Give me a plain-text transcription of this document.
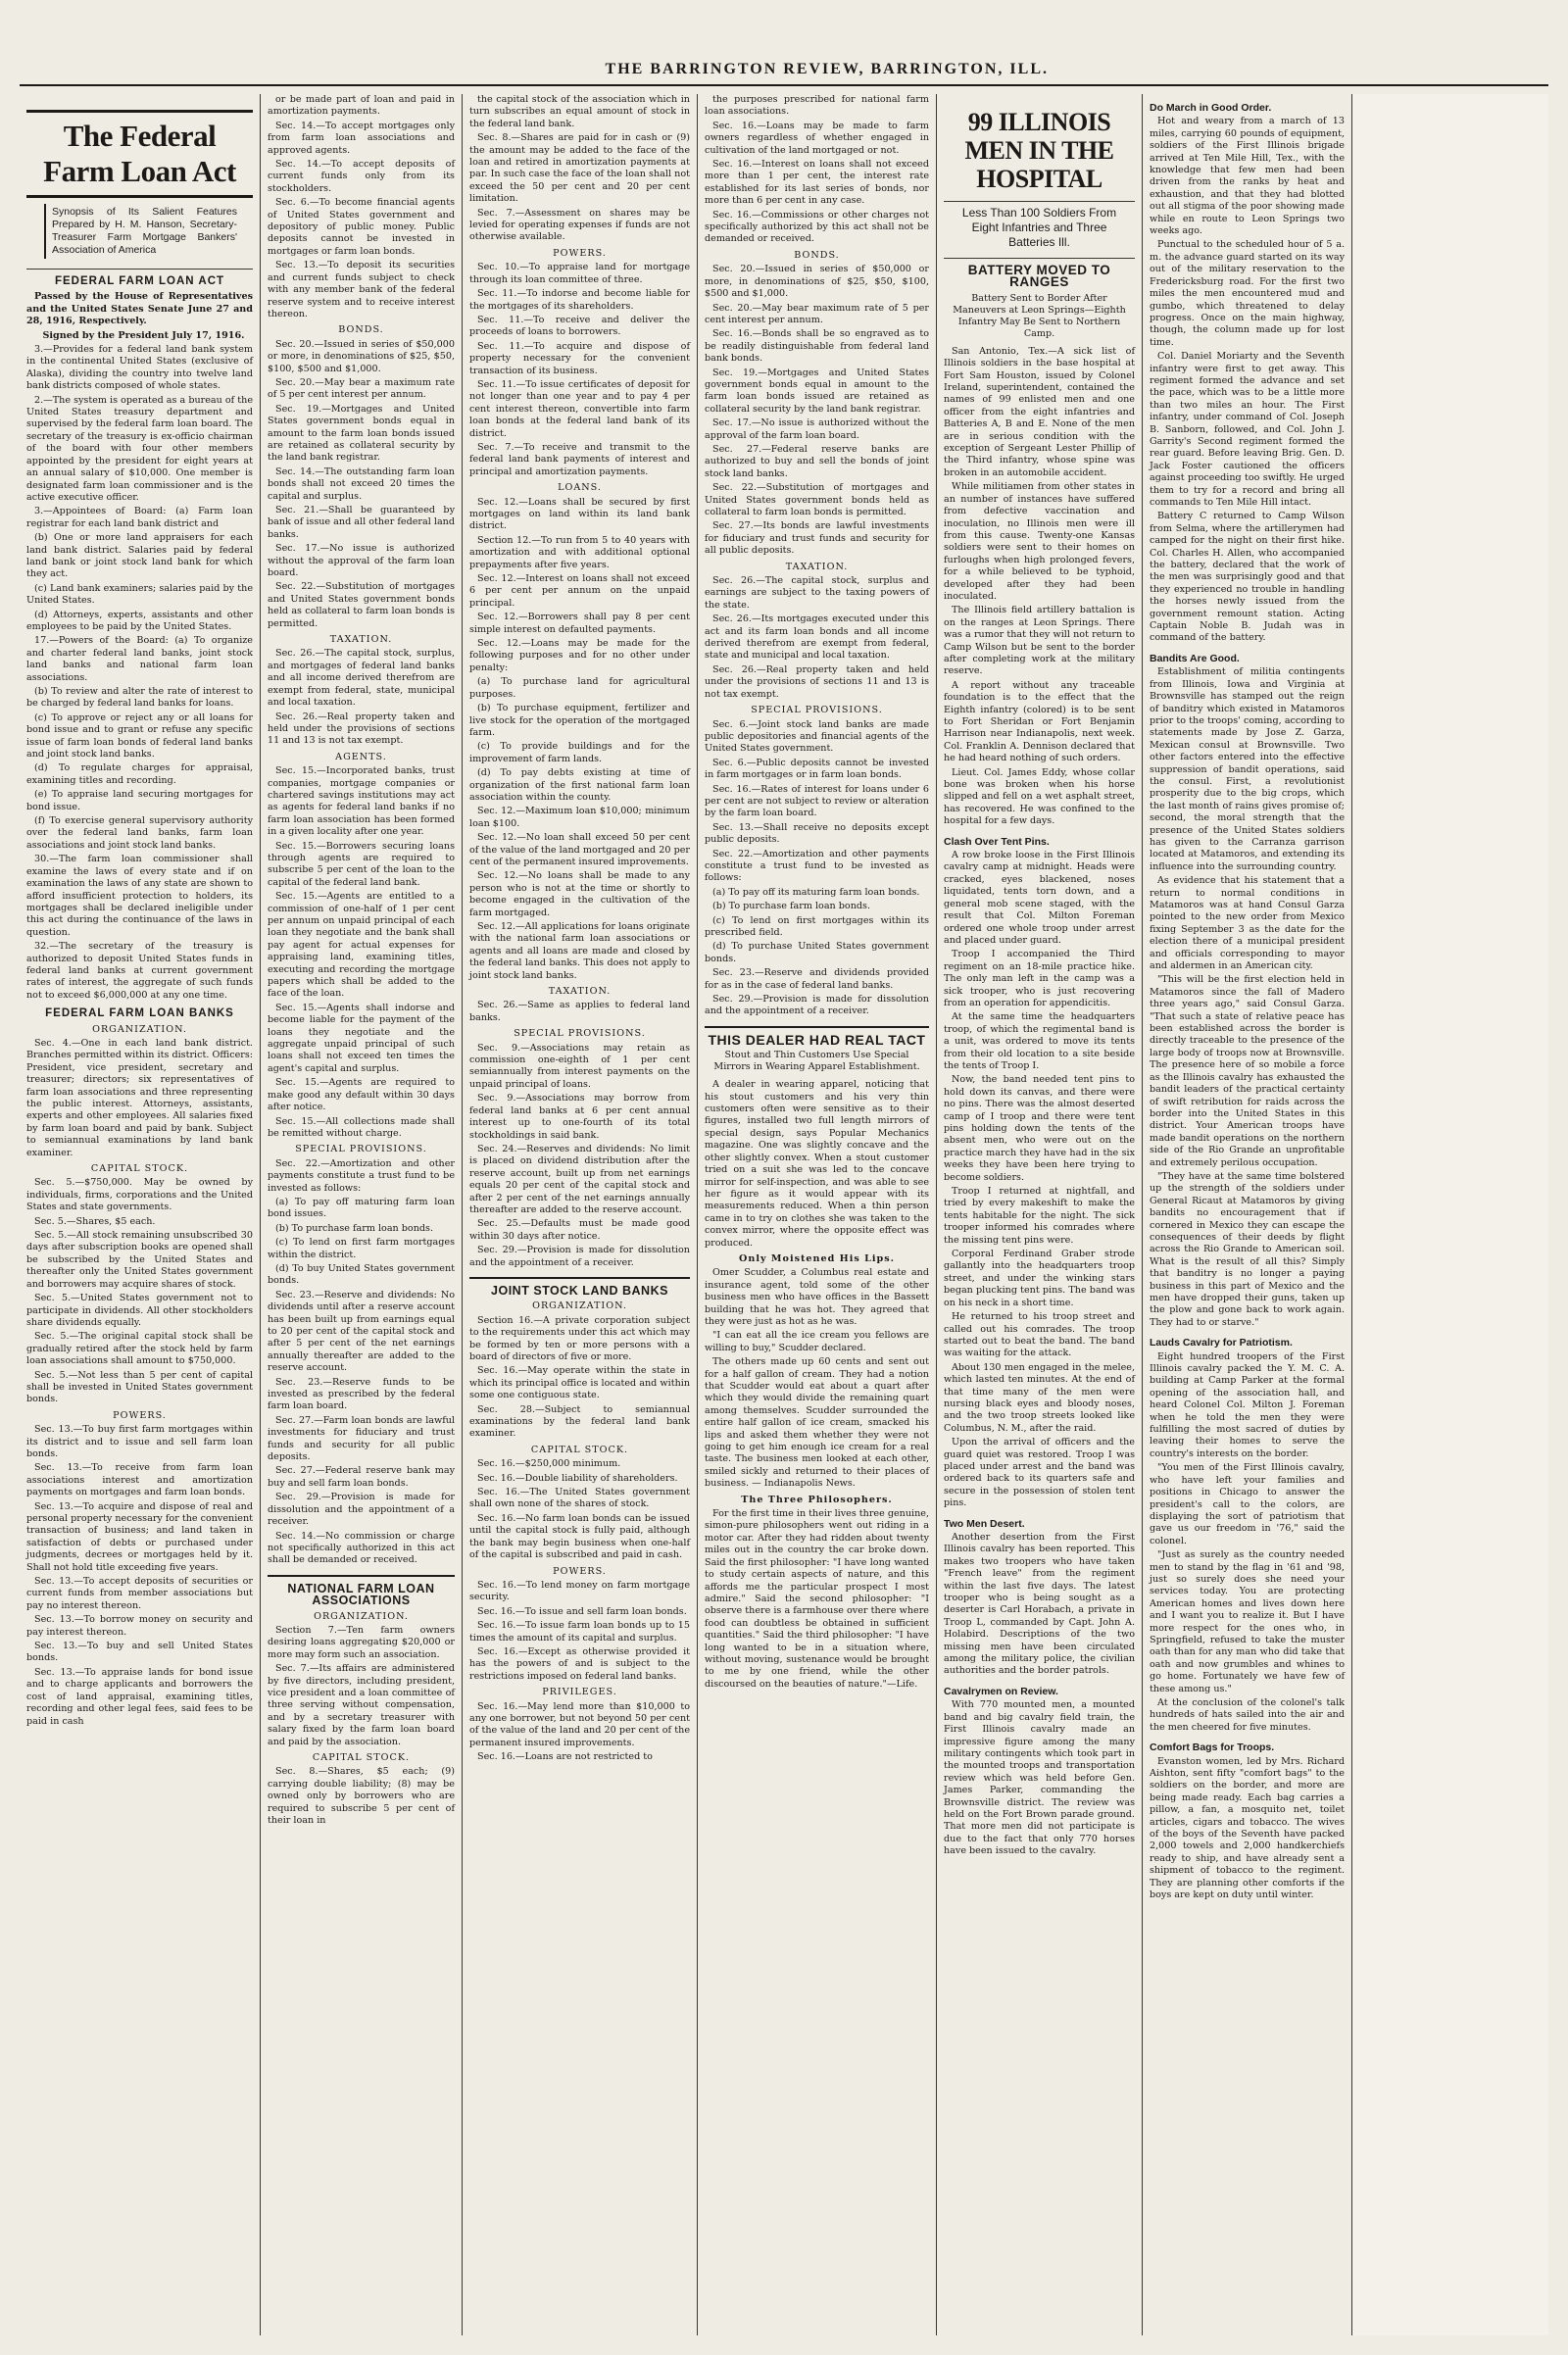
THE BARRINGTON REVIEW, BARRINGTON, ILL.
The Federal Farm Loan Act
Synopsis of Its Salient Features Prepared by H. M. Hanson, Secretary-Treasurer Farm Mortgage Bankers' Association of America
FEDERAL FARM LOAN ACT

Passed by the House of Representatives and the United States Senate June 27 and 28, 1916, Respectively.

Signed by the President July 17, 1916.

3.—Provides for a federal land bank system in the continental United States (exclusive of Alaska), dividing the country into twelve land bank districts composed of whole states.

2.—The system is operated as a bureau of the United States treasury department and supervised by the federal farm loan board. The secretary of the treasury is ex-officio chairman of the board with four other members appointed by the president for eight years at an annual salary of $10,000. One member is designated farm loan commissioner and is the active executive officer.

3.—Appointees of Board: (a) Farm loan registrar for each land bank district and

(b) One or more land appraisers for each land bank district. Salaries paid by federal land bank or joint stock land bank for which they act.

(c) Land bank examiners; salaries paid by the United States.

(d) Attorneys, experts, assistants and other employees to be paid by the United States.

17.—Powers of the Board: (a) To organize and charter federal land banks, joint stock land banks and national farm loan associations.

(b) To review and alter the rate of interest to be charged by federal land banks for loans.

(c) To approve or reject any or all loans for bond issue and to grant or refuse any specific issue of farm loan bonds of federal land banks and joint stock land banks.

(d) To regulate charges for appraisal, examining titles and recording.

(e) To appraise land securing mortgages for bond issue.

(f) To exercise general supervisory authority over the federal land banks, farm loan associations and joint stock land banks.

30.—The farm loan commissioner shall examine the laws of every state and if on examination the laws of any state are shown to afford insufficient protection to holders, its mortgages shall be declared ineligible under this act during the continuance of the laws in question.

32.—The secretary of the treasury is authorized to deposit United States funds in federal land banks at current government rates of interest, the aggregate of such funds not to exceed $6,000,000 at any one time.

FEDERAL FARM LOAN BANKS
ORGANIZATION.

Sec. 4.—One in each land bank district. Branches permitted within its district. Officers: President, vice president, secretary and treasurer; directors; six representatives of farm loan associations and three representing the public interest. Attorneys, assistants, experts and other employees. All salaries fixed by farm loan board and paid by bank. Subject to semiannual examinations by land bank examiner.

CAPITAL STOCK.

Sec. 5.—$750,000. May be owned by individuals, firms, corporations and the United States and state governments.

Sec. 5.—Shares, $5 each.

Sec. 5.—All stock remaining unsubscribed 30 days after subscription books are opened shall be subscribed by the United States and thereafter only the United States government and borrowers may acquire shares of stock.

Sec. 5.—United States government not to participate in dividends. All other stockholders share dividends equally.

Sec. 5.—The original capital stock shall be gradually retired after the stock held by farm loan associations shall amount to $750,000.

Sec. 5.—Not less than 5 per cent of capital shall be invested in United States government bonds.

POWERS.

Sec. 13.—To buy first farm mortgages within its district and to issue and sell farm loan bonds.

Sec. 13.—To receive from farm loan associations interest and amortization payments on mortgages and farm loan bonds.

Sec. 13.—To acquire and dispose of real and personal property necessary for the convenient transaction of business; and land taken in satisfaction of debts or purchased under judgments, decrees or mortgages held by it. Shall not hold title exceeding five years.

Sec. 13.—To accept deposits of securities or current funds from member associations but pay no interest thereon.

Sec. 13.—To borrow money on security and pay interest thereon.

Sec. 13.—To buy and sell United States bonds.

Sec. 13.—To appraise lands for bond issue and to charge applicants and borrowers the cost of land appraisal, examining titles, recording and other legal fees, said fees to be paid in cash

or be made part of loan and paid in amortization payments.

Sec. 14.—To accept mortgages only from farm loan associations and approved agents.

Sec. 14.—To accept deposits of current funds only from its stockholders.

Sec. 6.—To become financial agents of United States government and depository of public money. Public deposits cannot be invested in mortgages or farm loan bonds.

Sec. 13.—To deposit its securities and current funds subject to check with any member bank of the federal reserve system and to receive interest thereon.

BONDS.

Sec. 20.—Issued in series of $50,000 or more, in denominations of $25, $50, $100, $500 and $1,000.

Sec. 20.—May bear a maximum rate of 5 per cent interest per annum.

Sec. 19.—Mortgages and United States government bonds equal in amount to the farm loan bonds issued are retained as collateral security by the land bank registrar.

Sec. 14.—The outstanding farm loan bonds shall not exceed 20 times the capital and surplus.

Sec. 21.—Shall be guaranteed by bank of issue and all other federal land banks.

Sec. 17.—No issue is authorized without the approval of the farm loan board.

Sec. 22.—Substitution of mortgages and United States government bonds held as collateral to farm loan bonds is permitted.

TAXATION.

Sec. 26.—The capital stock, surplus, and mortgages of federal land banks and all income derived therefrom are exempt from federal, state, municipal and local taxation.

Sec. 26.—Real property taken and held under the provisions of sections 11 and 13 is not tax exempt.

AGENTS.

Sec. 15.—Incorporated banks, trust companies, mortgage companies or chartered savings institutions may act as agents for federal land banks if no farm loan association has been formed in a given locality after one year.

Sec. 15.—Borrowers securing loans through agents are required to subscribe 5 per cent of the loan to the capital of the federal land bank.

Sec. 15.—Agents are entitled to a commission of one-half of 1 per cent per annum on unpaid principal of each loan they negotiate and the bank shall pay agent for actual expenses for appraising land, examining titles, executing and recording the mortgage papers which shall be added to the face of the loan.

Sec. 15.—Agents shall indorse and become liable for the payment of the loans they negotiate and the aggregate unpaid principal of such loans shall not exceed ten times the agent's capital and surplus.

Sec. 15.—Agents are required to make good any default within 30 days after notice.

Sec. 15.—All collections made shall be remitted without charge.

SPECIAL PROVISIONS.

Sec. 22.—Amortization and other payments constitute a trust fund to be invested as follows:

(a) To pay off maturing farm loan bond issues.

(b) To purchase farm loan bonds.

(c) To lend on first farm mortgages within the district.

(d) To buy United States government bonds.

Sec. 23.—Reserve and dividends: No dividends until after a reserve account has been built up from earnings equal to 20 per cent of the capital stock and after 5 per cent of the net earnings annually thereafter are added to the reserve account.

Sec. 23.—Reserve funds to be invested as prescribed by the federal farm loan board.

Sec. 27.—Farm loan bonds are lawful investments for fiduciary and trust funds and security for all public deposits.

Sec. 27.—Federal reserve bank may buy and sell farm loan bonds.

Sec. 29.—Provision is made for dissolution and the appointment of a receiver.

Sec. 14.—No commission or charge not specifically authorized in this act shall be demanded or received.

NATIONAL FARM LOAN ASSOCIATIONS
ORGANIZATION.

Section 7.—Ten farm owners desiring loans aggregating $20,000 or more may form such an association.

Sec. 7.—Its affairs are administered by five directors, including president, vice president and a loan committee of three serving without compensation, and by a secretary treasurer with salary fixed by the farm loan board and paid by the association.

CAPITAL STOCK.

Sec. 8.—Shares, $5 each; (9) carrying double liability; (8) may be owned only by borrowers who are required to subscribe 5 per cent of their loan in

the capital stock of the association which in turn subscribes an equal amount of stock in the federal land bank.

Sec. 8.—Shares are paid for in cash or (9) the amount may be added to the face of the loan and retired in amortization payments at par. In such case the face of the loan shall not exceed the 50 per cent and 20 per cent limitation.

Sec. 7.—Assessment on shares may be levied for operating expenses if funds are not otherwise available.

POWERS.

Sec. 10.—To appraise land for mortgage through its loan committee of three.

Sec. 11.—To indorse and become liable for the mortgages of its shareholders.

Sec. 11.—To receive and deliver the proceeds of loans to borrowers.

Sec. 11.—To acquire and dispose of property necessary for the convenient transaction of its business.

Sec. 11.—To issue certificates of deposit for not longer than one year and to pay 4 per cent interest thereon, convertible into farm loan bonds at the federal land bank of its district.

Sec. 7.—To receive and transmit to the federal land bank payments of interest and principal and amortization payments.

LOANS.

Sec. 12.—Loans shall be secured by first mortgages on land within its land bank district.

Section 12.—To run from 5 to 40 years with amortization and with additional optional prepayments after five years.

Sec. 12.—Interest on loans shall not exceed 6 per cent per annum on the unpaid principal.

Sec. 12.—Borrowers shall pay 8 per cent simple interest on defaulted payments.

Sec. 12.—Loans may be made for the following purposes and for no other under penalty:

(a) To purchase land for agricultural purposes.

(b) To purchase equipment, fertilizer and live stock for the operation of the mortgaged farm.

(c) To provide buildings and for the improvement of farm lands.

(d) To pay debts existing at time of organization of the first national farm loan association within the county.

Sec. 12.—Maximum loan $10,000; minimum loan $100.

Sec. 12.—No loan shall exceed 50 per cent of the value of the land mortgaged and 20 per cent of the permanent insured improvements.

Sec. 12.—No loans shall be made to any person who is not at the time or shortly to become engaged in the cultivation of the farm mortgaged.

Sec. 12.—All applications for loans originate with the national farm loan associations or agents and all loans are made and closed by the federal land banks. This does not apply to joint stock land banks.

TAXATION.

Sec. 26.—Same as applies to federal land banks.

SPECIAL PROVISIONS.

Sec. 9.—Associations may retain as commission one-eighth of 1 per cent semiannually from interest payments on the unpaid principal of loans.

Sec. 9.—Associations may borrow from federal land banks at 6 per cent annual interest up to one-fourth of its total stockholdings in said bank.

Sec. 24.—Reserves and dividends: No limit is placed on dividend distribution after the reserve account, built up from net earnings equals 20 per cent of the capital stock and after 2 per cent of the net earnings annually thereafter are added to the reserve account.

Sec. 25.—Defaults must be made good within 30 days after notice.

Sec. 29.—Provision is made for dissolution and the appointment of a receiver.

JOINT STOCK LAND BANKS
ORGANIZATION.

Section 16.—A private corporation subject to the requirements under this act which may be formed by ten or more persons with a board of directors of five or more.

Sec. 16.—May operate within the state in which its principal office is located and within some one contiguous state.

Sec. 28.—Subject to semiannual examinations by the federal land bank examiner.

CAPITAL STOCK.

Sec. 16.—$250,000 minimum.

Sec. 16.—Double liability of shareholders.

Sec. 16.—The United States government shall own none of the shares of stock.

Sec. 16.—No farm loan bonds can be issued until the capital stock is fully paid, although the bank may begin business when one-half of the capital is subscribed and paid in cash.

POWERS.

Sec. 16.—To lend money on farm mortgage security.

Sec. 16.—To issue and sell farm loan bonds.

Sec. 16.—To issue farm loan bonds up to 15 times the amount of its capital and surplus.

Sec. 16.—Except as otherwise provided it has the powers of and is subject to the restrictions imposed on federal land banks.

PRIVILEGES.

Sec. 16.—May lend more than $10,000 to any one borrower, but not beyond 50 per cent of the value of the land and 20 per cent of the permanent insured improvements.

Sec. 16.—Loans are not restricted to

the purposes prescribed for national farm loan associations.

Sec. 16.—Loans may be made to farm owners regardless of whether engaged in cultivation of the land mortgaged or not.

Sec. 16.—Interest on loans shall not exceed more than 1 per cent, the interest rate established for its last series of bonds, nor more than 6 per cent in any case.

Sec. 16.—Commissions or other charges not specifically authorized by this act shall not be demanded or received.

BONDS.

Sec. 20.—Issued in series of $50,000 or more, in denominations of $25, $50, $100, $500 and $1,000.

Sec. 20.—May bear maximum rate of 5 per cent interest per annum.

Sec. 16.—Bonds shall be so engraved as to be readily distinguishable from federal land bank bonds.

Sec. 19.—Mortgages and United States government bonds equal in amount to the farm loan bonds issued are retained as collateral security by the land bank registrar.

Sec. 17.—No issue is authorized without the approval of the farm loan board.

Sec. 27.—Federal reserve banks are authorized to buy and sell the bonds of joint stock land banks.

Sec. 22.—Substitution of mortgages and United States government bonds held as collateral to farm loan bonds is permitted.

Sec. 27.—Its bonds are lawful investments for fiduciary and trust funds and security for all public deposits.

TAXATION.

Sec. 26.—The capital stock, surplus and earnings are subject to the taxing powers of the state.

Sec. 26.—Its mortgages executed under this act and its farm loan bonds and all income derived therefrom are exempt from federal, state and municipal and local taxation.

Sec. 26.—Real property taken and held under the provisions of sections 11 and 13 is not tax exempt.

SPECIAL PROVISIONS.

Sec. 6.—Joint stock land banks are made public depositories and financial agents of the United States government.

Sec. 6.—Public deposits cannot be invested in farm mortgages or in farm loan bonds.

Sec. 16.—Rates of interest for loans under 6 per cent are not subject to review or alteration by the farm loan board.

Sec. 13.—Shall receive no deposits except public deposits.

Sec. 22.—Amortization and other payments constitute a trust fund to be invested as follows:

(a) To pay off its maturing farm loan bonds.

(b) To purchase farm loan bonds.

(c) To lend on first mortgages within its prescribed field.

(d) To purchase United States government bonds.

Sec. 23.—Reserve and dividends provided for as in the case of federal land banks.

Sec. 29.—Provision is made for dissolution and the appointment of a receiver.

THIS DEALER HAD REAL TACT
Stout and Thin Customers Use Special Mirrors in Wearing Apparel Establishment.

A dealer in wearing apparel, noticing that his stout customers and his very thin customers often were sensitive as to their figures, installed two full length mirrors of special design, says Popular Mechanics magazine. One was slightly concave and the other slightly convex. When a stout customer tried on a suit she was led to the concave mirror for self-inspection, and was able to see her figure as it would appear with its measurements reduced. When a thin person came in to try on clothes she was taken to the convex mirror, where the opposite effect was produced.

Only Moistened His Lips.

Omer Scudder, a Columbus real estate and insurance agent, told some of the other business men who have offices in the Bassett building that he was hot. They agreed that they were just as hot as he was.

"I can eat all the ice cream you fellows are willing to buy," Scudder declared.

The others made up 60 cents and sent out for a half gallon of cream. They had a notion that Scudder would eat about a quart after which they would divide the remaining quart among themselves. Scudder surrounded the entire half gallon of ice cream, smacked his lips and asked them whether they were not going to get him enough ice cream for a real taste. The business men looked at each other, smiled sickly and returned to their places of business. — Indianapolis News.

The Three Philosophers.

For the first time in their lives three genuine, simon-pure philosophers went out riding in a motor car. After they had ridden about twenty miles out in the country the car broke down. Said the first philosopher: "I have long wanted to study certain aspects of nature, and this affords me the particular prospect I most admire." Said the second philosopher: "I observe there is a farmhouse over there where food can doubtless be obtained in sufficient quantities." Said the third philosopher: "I have long wanted to be in a situation where, without moving, sustenance would be brought to me by one friend, while the other discoursed on the beauties of nature."—Life.

99 ILLINOIS MEN IN THE HOSPITAL
Less Than 100 Soldiers From Eight Infantries and Three Batteries Ill.
BATTERY MOVED TO RANGES
Battery Sent to Border After Maneuvers at Leon Springs—Eighth Infantry May Be Sent to Northern Camp.

San Antonio, Tex.—A sick list of Illinois soldiers in the base hospital at Fort Sam Houston, issued by Colonel Ireland, superintendent, contained the names of 99 enlisted men and one officer from the eight infantries and Batteries A, B and E. None of the men are in serious condition with the exception of Sergeant Lester Phillip of the Third infantry, whose spine was broken in an automobile accident.

While militiamen from other states in an number of instances have suffered from defective vaccination and inoculation, no Illinois men were ill from this cause. Twenty-one Kansas soldiers were sent to their homes on furloughs when high prolonged fevers, for a while believed to be typhoid, developed after they had been inoculated.

The Illinois field artillery battalion is on the ranges at Leon Springs. There was a rumor that they will not return to Camp Wilson but be sent to the border after completing work at the military reserve.

A report without any traceable foundation is to the effect that the Eighth infantry (colored) is to be sent to Fort Sheridan or Fort Benjamin Harrison near Indianapolis, next week. Col. Franklin A. Dennison declared that he had heard nothing of such orders.

Lieut. Col. James Eddy, whose collar bone was broken when his horse slipped and fell on a wet asphalt street, has recovered. He was confined to the hospital for a few days.

Clash Over Tent Pins.

A row broke loose in the First Illinois cavalry camp at midnight. Heads were cracked, eyes blackened, noses liquidated, tents torn down, and a general mob scene staged, with the result that Col. Milton Foreman ordered one whole troop under arrest and placed under guard.

Troop I accompanied the Third regiment on an 18-mile practice hike. The only man left in the camp was a sick trooper, who is just recovering from an operation for appendicitis.

At the same time the headquarters troop, of which the regimental band is a unit, was ordered to move its tents from their old location to a site beside the tents of Troop I.

Now, the band needed tent pins to hold down its canvas, and there were no pins. There was the almost deserted camp of I troop and there were tent pins holding down the tents of the absent men, who were out on the practice march they have had in the six weeks they have been here trying to become soldiers.

Troop I returned at nightfall, and tried by every makeshift to make the tents habitable for the night. The sick trooper informed his comrades where the missing tent pins were.

Corporal Ferdinand Graber strode gallantly into the headquarters troop street, and under the winking stars began plucking tent pins. The band was on his neck in a short time.

He returned to his troop street and called out his comrades. The troop started out to beat the band. The band was waiting for the attack.

About 130 men engaged in the melee, which lasted ten minutes. At the end of that time many of the men were nursing black eyes and bloody noses, and the two troop streets looked like Columbus, N. M., after the raid.

Upon the arrival of officers and the guard quiet was restored. Troop I was placed under arrest and the band was ordered back to its quarters safe and secure in the possession of stolen tent pins.

Two Men Desert.

Another desertion from the First Illinois cavalry has been reported. This makes two troopers who have taken "French leave" from the regiment within the last five days. The latest trooper who is being sought as a deserter is Carl Horabach, a private in Troop L, commanded by Capt. John A. Holabird. Descriptions of the two missing men have been circulated among the military police, the civilian authorities and the border patrols.

Cavalrymen on Review.

With 770 mounted men, a mounted band and big cavalry field train, the First Illinois cavalry made an impressive figure among the many military contingents which took part in the mounted troops and transportation review which was held before Gen. James Parker, commanding the Brownsville district. The review was held on the Fort Brown parade ground. That more men did not participate is due to the fact that only 770 horses have been issued to the cavalry.

Do March in Good Order.

Hot and weary from a march of 13 miles, carrying 60 pounds of equipment, soldiers of the First Illinois brigade arrived at Ten Mile Hill, Tex., with the knowledge that few men had been driven from the ranks by heat and exhaustion, and that they had blotted out all stigma of the poor showing made while en route to Leon Springs two weeks ago.

Punctual to the scheduled hour of 5 a. m. the advance guard started on its way out of the military reservation to the Fredericksburg road. For the first two miles the men encountered mud and gumbo, which threatened to delay progress. Once on the main highway, though, the column made up for lost time.

Col. Daniel Moriarty and the Seventh infantry were first to get away. This regiment formed the advance and set the pace, which was to be a little more than two miles an hour. The First infantry, under command of Col. Joseph B. Sanborn, followed, and Col. John J. Garrity's Second regiment formed the rear guard. Before leaving Brig. Gen. D. Jack Foster cautioned the officers against proceeding too swiftly. He urged them to try for a record and bring all commands to Ten Mile Hill intact.

Battery C returned to Camp Wilson from Selma, where the artillerymen had camped for the night on their first hike. Col. Charles H. Allen, who accompanied the battery, declared that the work of the men was surprisingly good and that they experienced no trouble in handling the horses newly issued from the government remount station. Acting Captain Noble B. Judah was in command of the battery.

Bandits Are Good.

Establishment of militia contingents from Illinois, Iowa and Virginia at Brownsville has stamped out the reign of banditry which existed in Matamoros prior to the troops' coming, according to statements made by Jose Z. Garza, Mexican consul at Brownsville. Two other factors entered into the effective suppression of bandit operations, said the consul. First, a revolutionist prosperity due to the big crops, which the last month of rains gives promise of; second, the moral strength that the presence of the United States soldiers has given to the Carranza garrison located at Matamoros, and extending its influence into the surrounding country.

As evidence that his statement that a return to normal conditions in Matamoros was at hand Consul Garza pointed to the new order from Mexico fixing September 3 as the date for the election there of a municipal president and officials corresponding to mayor and aldermen in an American city.

"This will be the first election held in Matamoros since the fall of Madero three years ago," said Consul Garza. "That such a state of relative peace has been established across the border is directly traceable to the presence of the large body of troops now at Brownsville. The presence here of so mobile a force as the Illinois cavalry has exhausted the bandit leaders of the practical certainty of swift retribution for raids across the border into the United States in this district. Your American troops have made bandit operations on the northern side of the Rio Grande an unprofitable and extremely perilous occupation.

"They have at the same time bolstered up the strength of the soldiers under General Ricaut at Matamoros by giving bandits no encouragement that if cornered in Mexico they can escape the consequences of their deeds by flight across the Rio Grande to American soil. What is the result of all this? Simply that banditry is no longer a paying business in this part of Mexico and the men have dropped their guns, taken up the plow and gone back to work again. They had to or starve."

Lauds Cavalry for Patriotism.

Eight hundred troopers of the First Illinois cavalry packed the Y. M. C. A. building at Camp Parker at the formal opening of the association hall, and heard Colonel Col. Milton J. Foreman when he told the men they were fulfilling the most sacred of duties by leaving their homes to serve the country's interests on the border.

"You men of the First Illinois cavalry, who have left your families and positions in Chicago to answer the president's call to the colors, are displaying the sort of patriotism that gave us our freedom in '76," said the colonel.

"Just as surely as the country needed men to stand by the flag in '61 and '98, just so surely does she need your services today. You are protecting American homes and lives down here and I want you to realize it. But I have more respect for the ones who, in Springfield, refused to take the muster oath than for any man who did take that oath and now grumbles and whines to go home. Fortunately we have few of these among us."

At the conclusion of the colonel's talk hundreds of hats sailed into the air and the men cheered for five minutes.

Comfort Bags for Troops.

Evanston women, led by Mrs. Richard Aishton, sent fifty "comfort bags" to the soldiers on the border, and more are being made ready. Each bag carries a pillow, a fan, a mosquito net, toilet articles, cigars and tobacco. The wives of the boys of the Seventh have packed 2,000 towels and 2,000 handkerchiefs ready to ship, and have already sent a shipment of tobacco to the regiment. They are planning other comforts if the boys are kept on duty until winter.
